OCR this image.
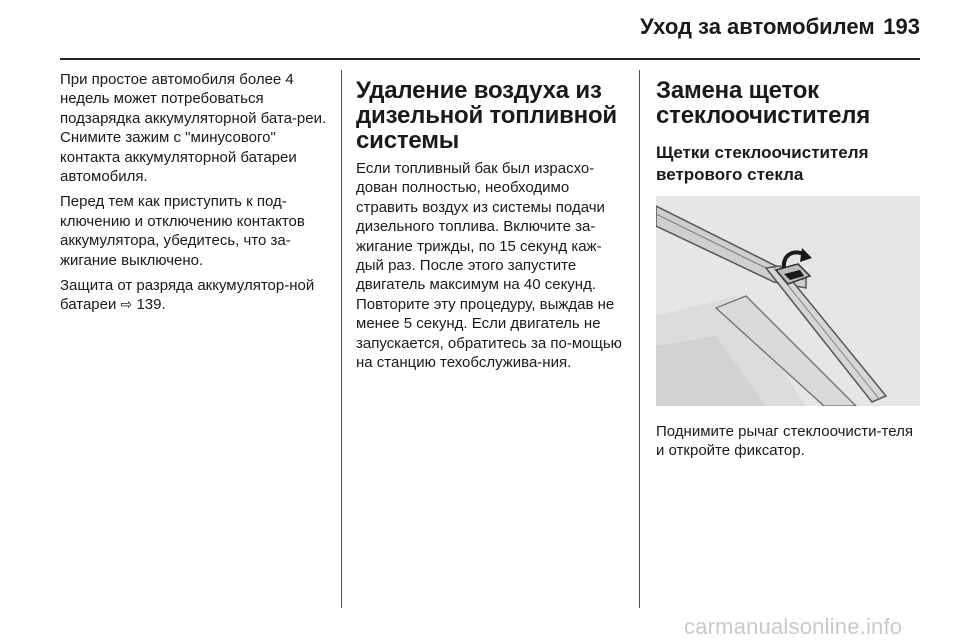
Уход за автомобилем 193

При простое автомобиля более 4 недель может потребоваться подзарядка аккумуляторной бата-реи. Снимите зажим с "минусового" контакта аккумуляторной батареи автомобиля.

Перед тем как приступить к под-ключению и отключению контактов аккумулятора, убедитесь, что за-жигание выключено.

Защита от разряда аккумулятор-ной батареи ⇨ 139.

Удаление воздуха из дизельной топливной системы

Если топливный бак был израсхо-дован полностью, необходимо стравить воздух из системы подачи дизельного топлива. Включите за-жигание трижды, по 15 секунд каж-дый раз. После этого запустите двигатель максимум на 40 секунд. Повторите эту процедуру, выждав не менее 5 секунд. Если двигатель не запускается, обратитесь за по-мощью на станцию техобслужива-ния.

Замена щеток стеклоочистителя
Щетки стеклоочистителя ветрового стекла

Поднимите рычаг стеклоочисти-теля и откройте фиксатор.

carmanualsonline.info
